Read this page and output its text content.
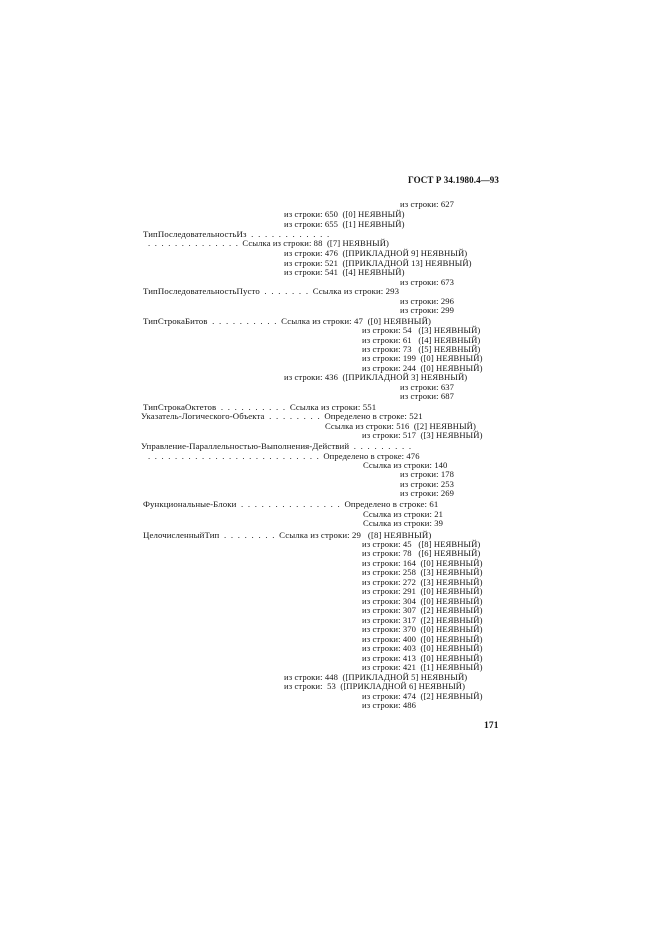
ГОСТ Р 34.1980.4—93
из строки: 627
из строки: 650  ([0] НЕЯВНЫЙ)
из строки: 655  ([1] НЕЯВНЫЙ)
ТипПоследовательностьИз  .  .  .  .  .  .  .  .  .  .  .  .
.  .  .  .  .  .  .  .  .  .  .  .  .  .  Ссылка из строки: 88  ([7] НЕЯВНЫЙ)
из строки: 476  ([ПРИКЛАДНОЙ 9] НЕЯВНЫЙ)
из строки: 521  ([ПРИКЛАДНОЙ 13] НЕЯВНЫЙ)
из строки: 541  ([4] НЕЯВНЫЙ)
из строки: 673
ТипПоследовательностьПусто  .  .  .  .  .  .  .  Ссылка из строки: 293
из строки: 296
из строки: 299
ТипСтрокаБитов  .  .  .  .  .  .  .  .  .  .  Ссылка из строки: 47  ([0] НЕЯВНЫЙ)
из строки: 54   ([3] НЕЯВНЫЙ)
из строки: 61   ([4] НЕЯВНЫЙ)
из строки: 73   ([5] НЕЯВНЫЙ)
из строки: 199  ([0] НЕЯВНЫЙ)
из строки: 244  ([0] НЕЯВНЫЙ)
из строки: 436  ([ПРИКЛАДНОЙ 3] НЕЯВНЫЙ)
из строки: 637
из строки: 687
ТипСтрокаОктетов  .  .  .  .  .  .  .  .  .  .  Ссылка из строки: 551
Указатель-Логического-Объекта  .  .  .  .  .  .  .  .  Определено в строке: 521
Ссылка из строки: 516  ([2] НЕЯВНЫЙ)
из строки: 517  ([3] НЕЯВНЫЙ)
Управление-Параллельностью-Выполнения-Действий  .  .  .  .  .  .  .  .  .
.  .  .  .  .  .  .  .  .  .  .  .  .  .  .  .  .  .  .  .  .  .  .  .  .  .  Определено в строке: 476
Ссылка из строки: 140
из строки: 178
из строки: 253
из строки: 269
Функциональные-Блоки  .  .  .  .  .  .  .  .  .  .  .  .  .  .  .  Определено в строке: 61
Ссылка из строки: 21
Ссылка из строки: 39
ЦелочисленныйТип  .  .  .  .  .  .  .  .  Ссылка из строки: 29   ([8] НЕЯВНЫЙ)
из строки: 45   ([8] НЕЯВНЫЙ)
из строки: 78   ([6] НЕЯВНЫЙ)
из строки: 164  ([0] НЕЯВНЫЙ)
из строки: 258  ([3] НЕЯВНЫЙ)
из строки: 272  ([3] НЕЯВНЫЙ)
из строки: 291  ([0] НЕЯВНЫЙ)
из строки: 304  ([0] НЕЯВНЫЙ)
из строки: 307  ([2] НЕЯВНЫЙ)
из строки: 317  ([2] НЕЯВНЫЙ)
из строки: 370  ([0] НЕЯВНЫЙ)
из строки: 400  ([0] НЕЯВНЫЙ)
из строки: 403  ([0] НЕЯВНЫЙ)
из строки: 413  ([0] НЕЯВНЫЙ)
из строки: 421  ([1] НЕЯВНЫЙ)
из строки: 448  ([ПРИКЛАДНОЙ 5] НЕЯВНЫЙ)
из строки:  53  ([ПРИКЛАДНОЙ 6] НЕЯВНЫЙ)
из строки: 474  ([2] НЕЯВНЫЙ)
из строки: 486
171
